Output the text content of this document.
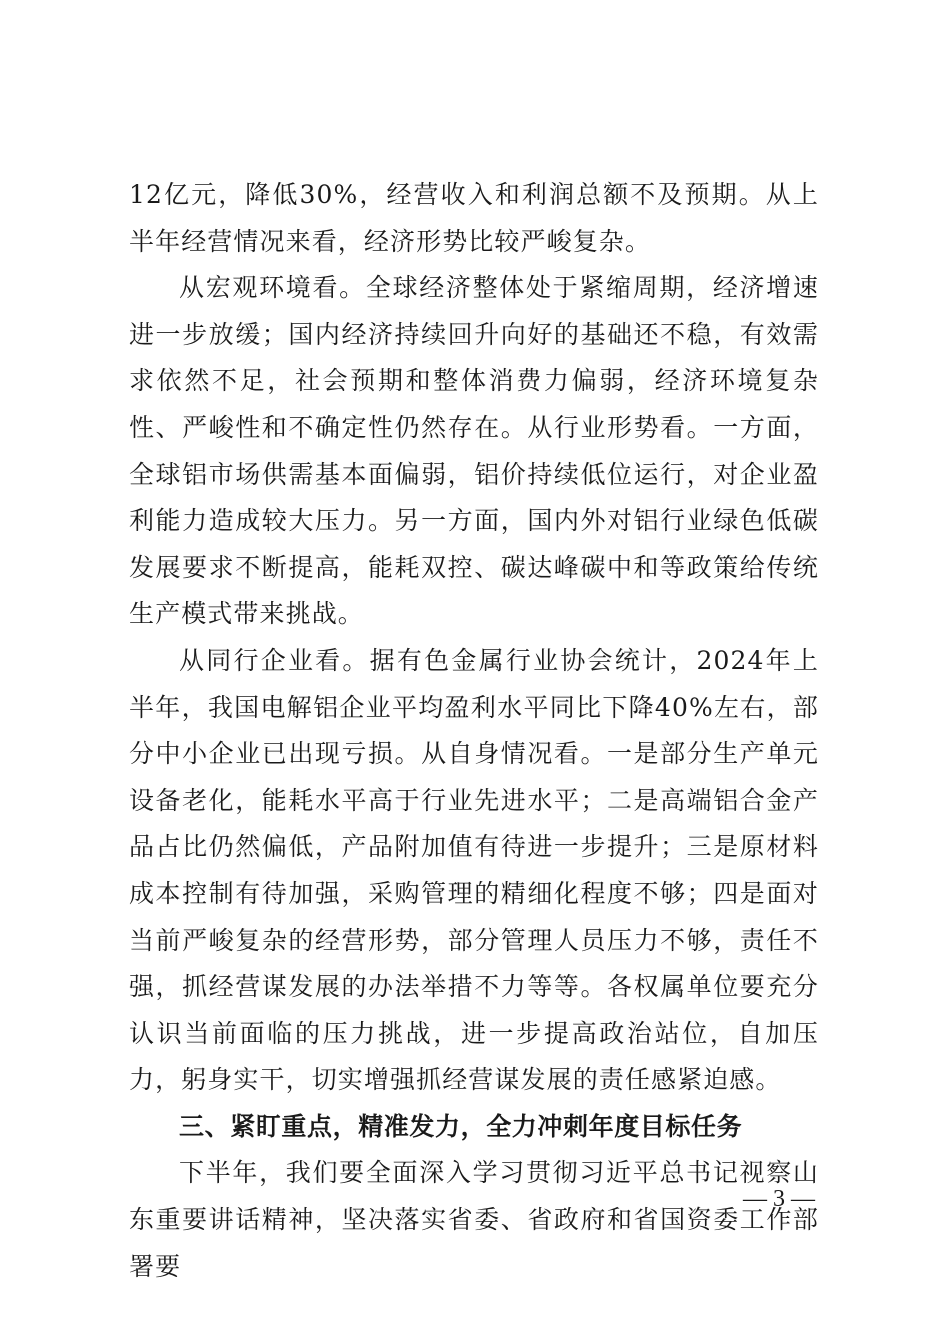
12亿元，降低30%，经营收入和利润总额不及预期。从上半年经营情况来看，经济形势比较严峻复杂。

从宏观环境看。全球经济整体处于紧缩周期，经济增速进一步放缓；国内经济持续回升向好的基础还不稳，有效需求依然不足，社会预期和整体消费力偏弱，经济环境复杂性、严峻性和不确定性仍然存在。从行业形势看。一方面，全球铝市场供需基本面偏弱，铝价持续低位运行，对企业盈利能力造成较大压力。另一方面，国内外对铝行业绿色低碳发展要求不断提高，能耗双控、碳达峰碳中和等政策给传统生产模式带来挑战。

从同行企业看。据有色金属行业协会统计，2024年上半年，我国电解铝企业平均盈利水平同比下降40%左右，部分中小企业已出现亏损。从自身情况看。一是部分生产单元设备老化，能耗水平高于行业先进水平；二是高端铝合金产品占比仍然偏低，产品附加值有待进一步提升；三是原材料成本控制有待加强，采购管理的精细化程度不够；四是面对当前严峻复杂的经营形势，部分管理人员压力不够，责任不强，抓经营谋发展的办法举措不力等等。各权属单位要充分认识当前面临的压力挑战，进一步提高政治站位，自加压力，躬身实干，切实增强抓经营谋发展的责任感紧迫感。

三、紧盯重点，精准发力，全力冲刺年度目标任务

下半年，我们要全面深入学习贯彻习近平总书记视察山东重要讲话精神，坚决落实省委、省政府和省国资委工作部署要

— 3 —
